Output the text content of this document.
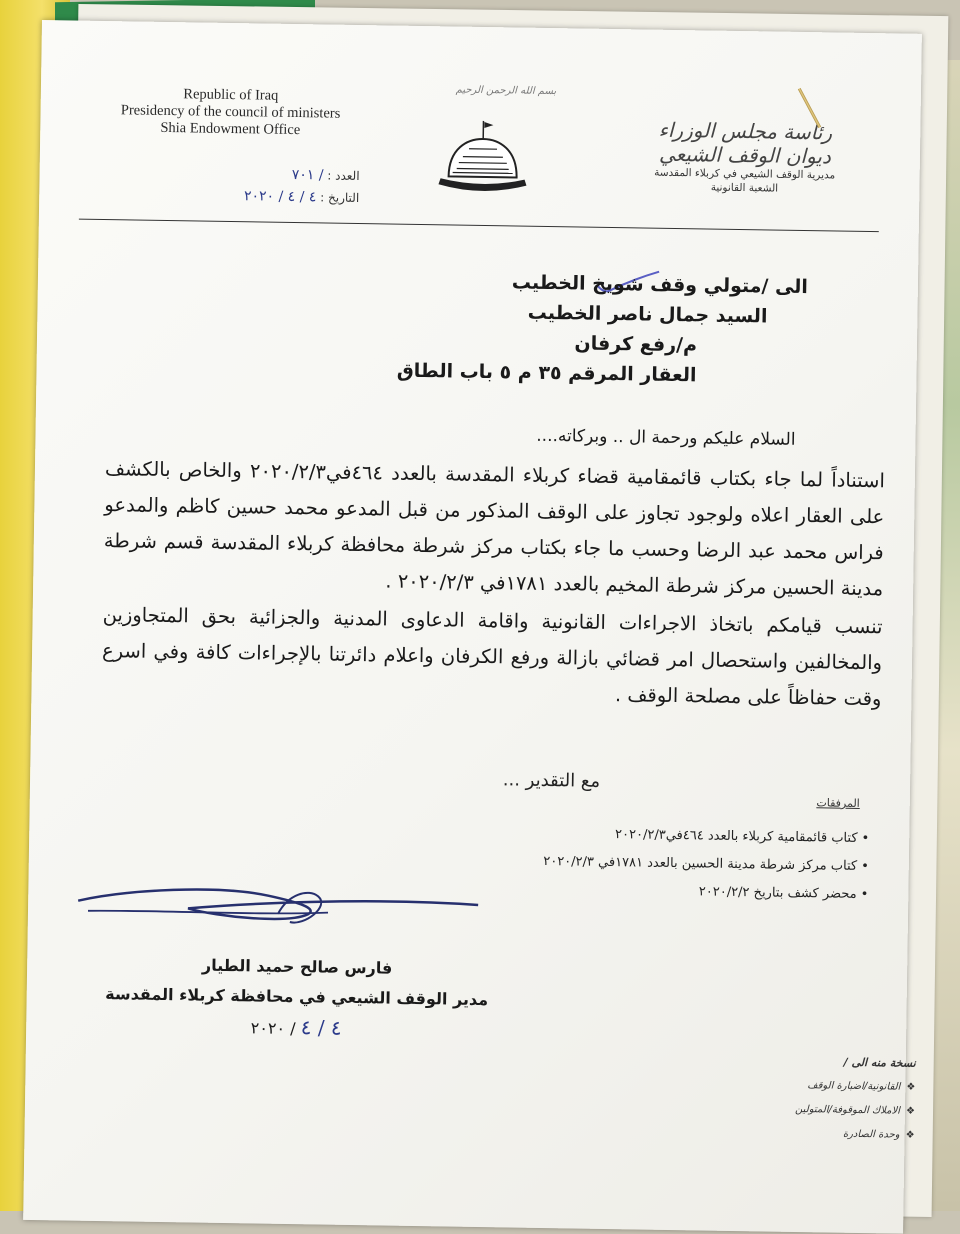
Republic of Iraq
Presidency of the council of ministers
Shia Endowment Office
بسم الله الرحمن الرحيم
رئاسة مجلس الوزراء
ديوان الوقف الشيعي
مديرية الوقف الشيعي في كربلاء المقدسة
الشعبة القانونية
العدد : / ٧٠١
التاريخ : ٤ / ٤ / ٢٠٢٠
الى /متولي وقف شويخ الخطيب
السيد جمال ناصر الخطيب
م/رفع كرفان
العقار المرقم ٣٥ م ٥ باب الطاق
السلام عليكم ورحمة ال .. وبركاته....

استناداً لما جاء بكتاب قائمقامية قضاء كربلاء المقدسة بالعدد ٤٦٤في٢٠٢٠/٢/٣ والخاص بالكشف على العقار اعلاه ولوجود تجاوز على الوقف المذكور من قبل المدعو محمد حسين كاظم والمدعو فراس محمد عبد الرضا وحسب ما جاء بكتاب مركز شرطة محافظة كربلاء المقدسة قسم شرطة مدينة الحسين مركز شرطة المخيم بالعدد ١٧٨١في ٢٠٢٠/٢/٣ .

تنسب قيامكم باتخاذ الاجراءات القانونية واقامة الدعاوى المدنية والجزائية بحق المتجاوزين والمخالفين واستحصال امر قضائي بازالة ورفع الكرفان واعلام دائرتنا بالإجراءات كافة وفي اسرع وقت حفاظاً على مصلحة الوقف .

مع التقدير ...
المرفقات
• كتاب قائمقامية كربلاء بالعدد ٤٦٤في٢٠٢٠/٢/٣
• كتاب مركز شرطة مدينة الحسين بالعدد ١٧٨١في ٢٠٢٠/٢/٣
• محضر كشف بتاريخ ٢٠٢٠/٢/٢
فارس صالح حميد الطيار
مدير الوقف الشيعي في محافظة كربلاء المقدسة
٤ / ٤ / ٢٠٢٠
نسخة منه الى /
❖ القانونية/اضبارة الوقف
❖ الاملاك الموقوفة/المتولين
❖ وحدة الصادرة
